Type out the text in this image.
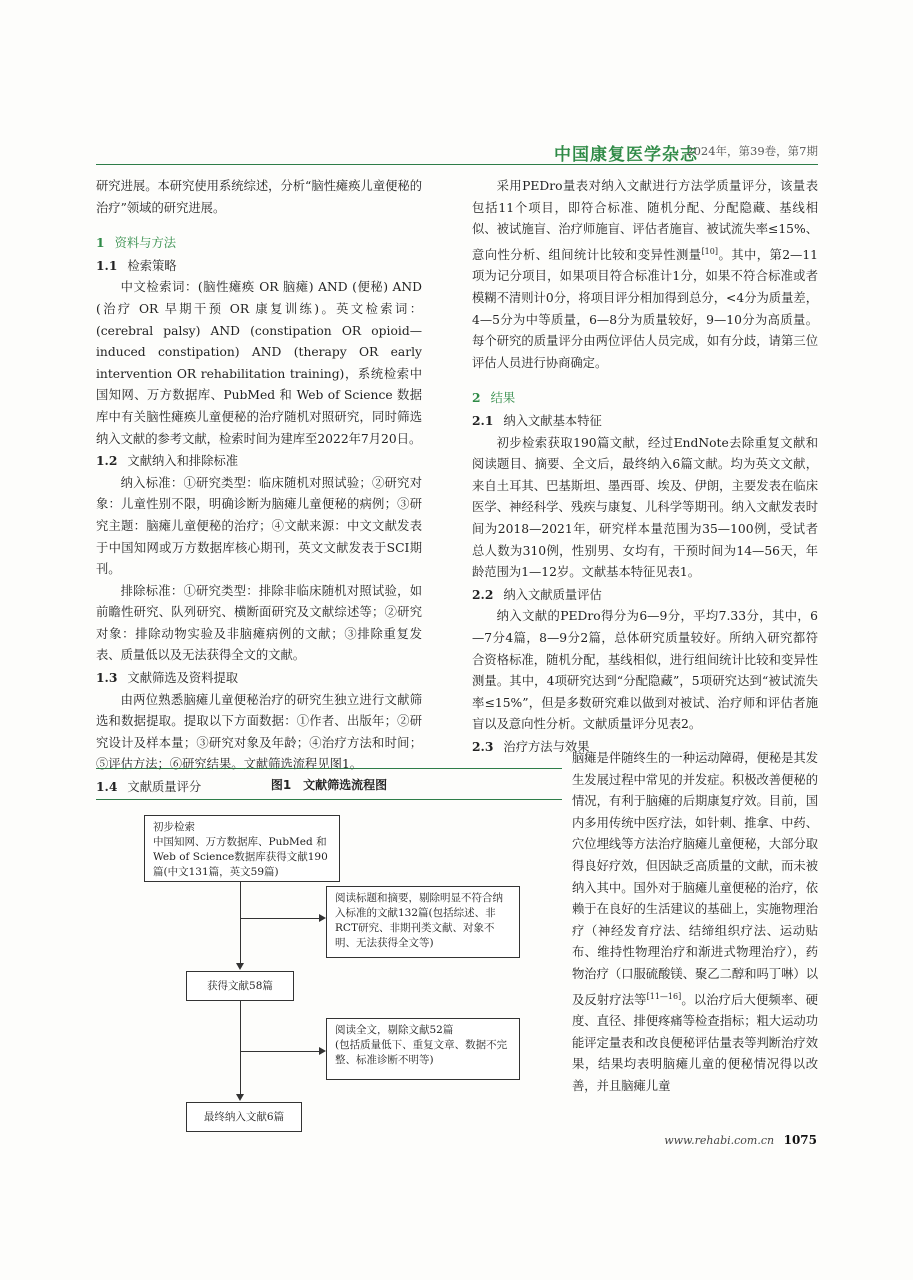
中国康复医学杂志
2024年，第39卷，第7期

研究进展。本研究使用系统综述，分析“脑性瘫痪儿童便秘的治疗”领域的研究进展。

1 资料与方法

1.1 检索策略

中文检索词：(脑性瘫痪 OR 脑瘫) AND (便秘) AND (治疗 OR 早期干预 OR 康复训练)。英文检索词：(cerebral palsy) AND (constipation OR opioid—induced constipation) AND (therapy OR early intervention OR rehabilitation training)，系统检索中国知网、万方数据库、PubMed 和 Web of Science 数据库中有关脑性瘫痪儿童便秘的治疗随机对照研究，同时筛选纳入文献的参考文献，检索时间为建库至2022年7月20日。

1.2 文献纳入和排除标准

纳入标准：①研究类型：临床随机对照试验；②研究对象：儿童性别不限，明确诊断为脑瘫儿童便秘的病例；③研究主题：脑瘫儿童便秘的治疗；④文献来源：中文文献发表于中国知网或万方数据库核心期刊，英文文献发表于SCI期刊。

排除标准：①研究类型：排除非临床随机对照试验，如前瞻性研究、队列研究、横断面研究及文献综述等；②研究对象：排除动物实验及非脑瘫病例的文献；③排除重复发表、质量低以及无法获得全文的文献。

1.3 文献筛选及资料提取

由两位熟悉脑瘫儿童便秘治疗的研究生独立进行文献筛选和数据提取。提取以下方面数据：①作者、出版年；②研究设计及样本量；③研究对象及年龄；④治疗方法和时间；⑤评估方法；⑥研究结果。文献筛选流程见图1。

1.4 文献质量评分

采用PEDro量表对纳入文献进行方法学质量评分，该量表包括11个项目，即符合标准、随机分配、分配隐藏、基线相似、被试施盲、治疗师施盲、评估者施盲、被试流失率≤15%、意向性分析、组间统计比较和变异性测量[10]。其中，第2—11项为记分项目，如果项目符合标准计1分，如果不符合标准或者模糊不清则计0分，将项目评分相加得到总分，<4分为质量差，4—5分为中等质量，6—8分为质量较好，9—10分为高质量。每个研究的质量评分由两位评估人员完成，如有分歧，请第三位评估人员进行协商确定。

2 结果

2.1 纳入文献基本特征

初步检索获取190篇文献，经过EndNote去除重复文献和阅读题目、摘要、全文后，最终纳入6篇文献。均为英文文献，来自土耳其、巴基斯坦、墨西哥、埃及、伊朗，主要发表在临床医学、神经科学、残疾与康复、儿科学等期刊。纳入文献发表时间为2018—2021年，研究样本量范围为35—100例，受试者总人数为310例，性别男、女均有，干预时间为14—56天，年龄范围为1—12岁。文献基本特征见表1。

2.2 纳入文献质量评估

纳入文献的PEDro得分为6—9分，平均7.33分，其中，6—7分4篇，8—9分2篇，总体研究质量较好。所纳入研究都符合资格标准，随机分配，基线相似，进行组间统计比较和变异性测量。其中，4项研究达到“分配隐藏”，5项研究达到“被试流失率≤15%”，但是多数研究难以做到对被试、治疗师和评估者施盲以及意向性分析。文献质量评分见表2。

2.3 治疗方法与效果

脑瘫是伴随终生的一种运动障碍，便秘是其发生发展过程中常见的并发症。积极改善便秘的情况，有利于脑瘫的后期康复疗效。目前，国内多用传统中医疗法，如针刺、推拿、中药、穴位埋线等方法治疗脑瘫儿童便秘，大部分取得良好疗效，但因缺乏高质量的文献，而未被纳入其中。国外对于脑瘫儿童便秘的治疗，依赖于在良好的生活建议的基础上，实施物理治疗（神经发育疗法、结缔组织疗法、运动贴布、维持性物理治疗和渐进式物理治疗），药物治疗（口服硫酸镁、聚乙二醇和吗丁啉）以及反射疗法等[11—16]。以治疗后大便频率、硬度、直径、排便疼痛等检查指标；粗大运动功能评定量表和改良便秘评估量表等判断治疗效果，结果均表明脑瘫儿童的便秘情况得以改善，并且脑瘫儿童

图1　文献筛选流程图
初步检索
中国知网、万方数据库、PubMed 和 Web of Science数据库获得文献190篇(中文131篇，英文59篇)
阅读标题和摘要，剔除明显不符合纳入标准的文献132篇(包括综述、非RCT研究、非期刊类文献、对象不明、无法获得全文等)
获得文献58篇
阅读全文，剔除文献52篇
(包括质量低下、重复文章、数据不完整、标准诊断不明等)
最终纳入文献6篇
www.rehabi.com.cn 1075
